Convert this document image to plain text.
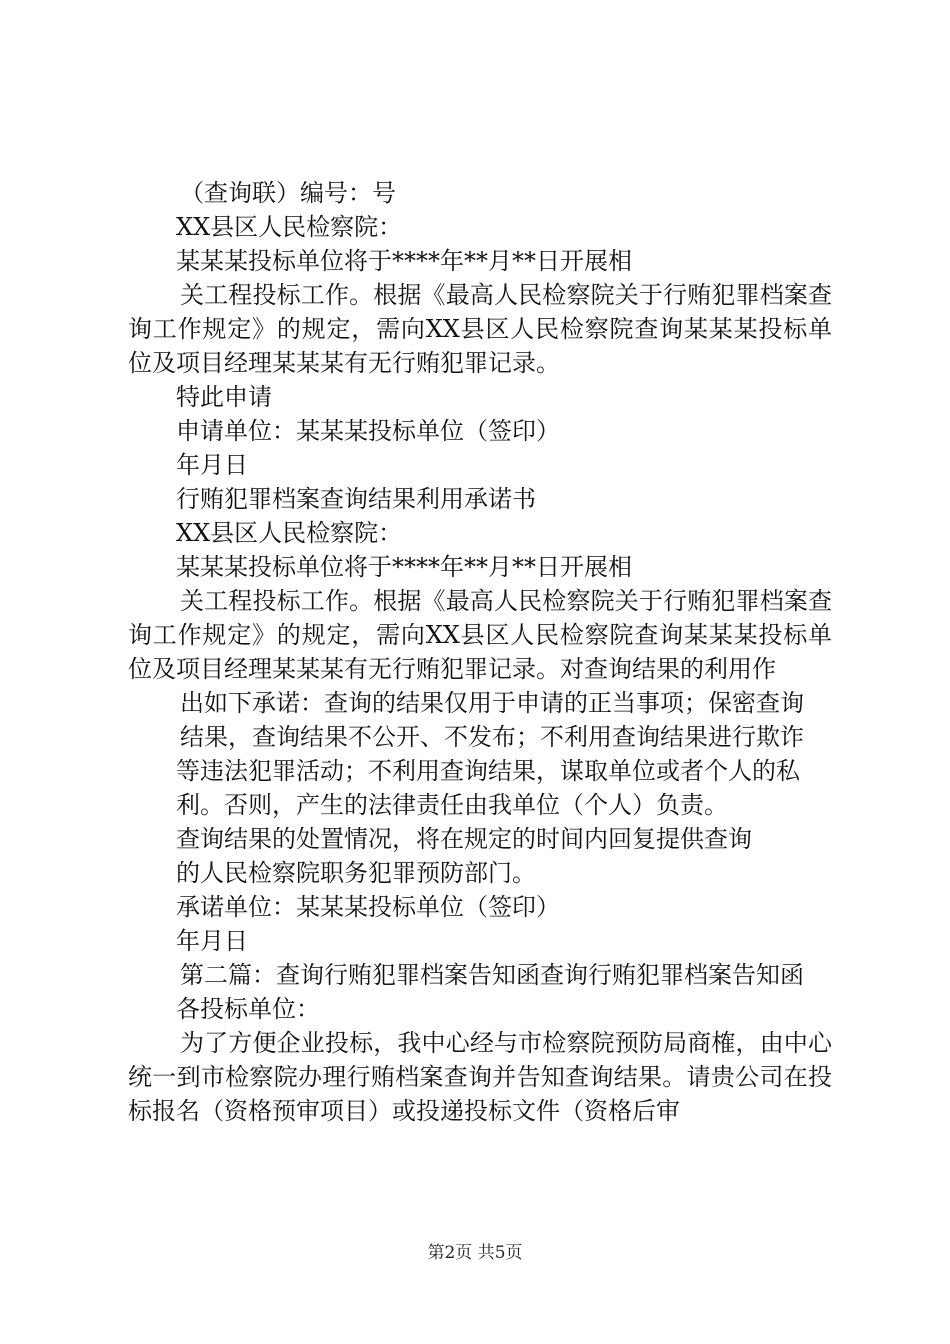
（查询联）编号：号

XX县区人民检察院：

某某某投标单位将于****年**月**日开展相

关工程投标工作。根据《最高人民检察院关于行贿犯罪档案查询工作规定》的规定，需向XX县区人民检察院查询某某某投标单位及项目经理某某某有无行贿犯罪记录。

特此申请

申请单位：某某某投标单位（签印）

年月日

行贿犯罪档案查询结果利用承诺书

XX县区人民检察院：

某某某投标单位将于****年**月**日开展相

关工程投标工作。根据《最高人民检察院关于行贿犯罪档案查询工作规定》的规定，需向XX县区人民检察院查询某某某投标单位及项目经理某某某有无行贿犯罪记录。对查询结果的利用作

出如下承诺：查询的结果仅用于申请的正当事项；保密查询

结果，查询结果不公开、不发布；不利用查询结果进行欺诈

等违法犯罪活动；不利用查询结果，谋取单位或者个人的私

利。否则，产生的法律责任由我单位（个人）负责。

查询结果的处置情况，将在规定的时间内回复提供查询

的人民检察院职务犯罪预防部门。

承诺单位：某某某投标单位（签印）

年月日

第二篇：查询行贿犯罪档案告知函查询行贿犯罪档案告知函

各投标单位：

为了方便企业投标，我中心经与市检察院预防局商榷，由中心统一到市检察院办理行贿档案查询并告知查询结果。请贵公司在投标报名（资格预审项目）或投递投标文件（资格后审

第2页 共5页
